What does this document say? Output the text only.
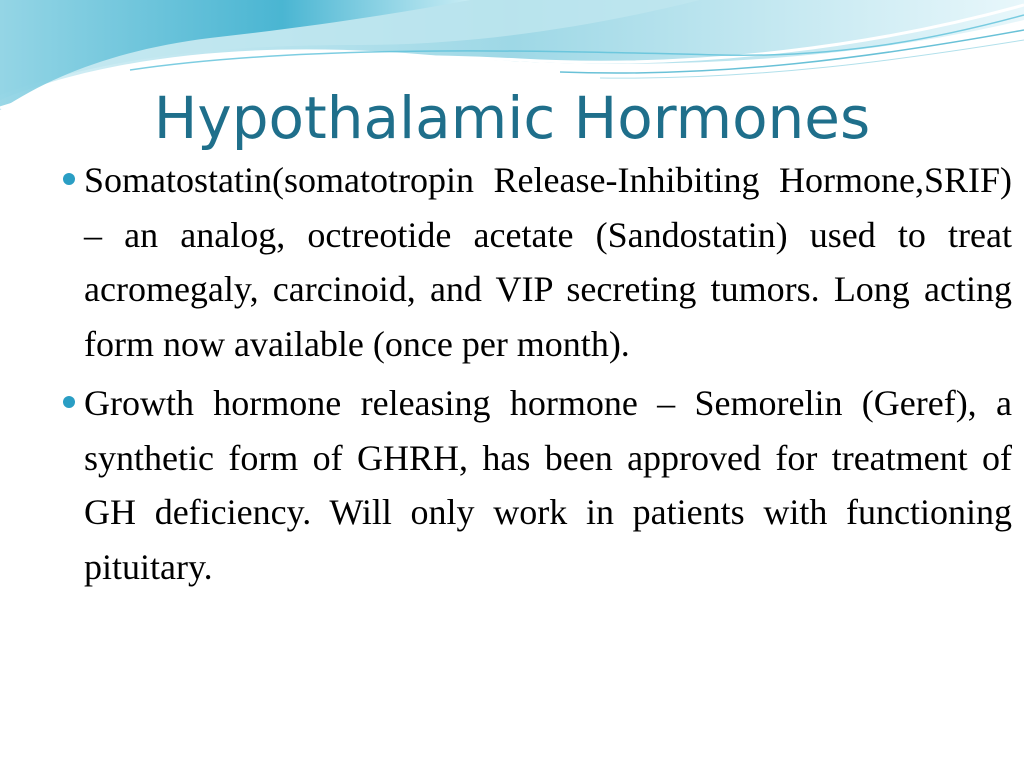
Hypothalamic Hormones
Somatostatin(somatotropin Release-Inhibiting Hormone,SRIF) – an analog, octreotide acetate (Sandostatin) used to treat acromegaly, carcinoid, and VIP secreting tumors. Long acting form now available (once per month).
Growth hormone releasing hormone – Semorelin (Geref), a synthetic form of GHRH, has been approved for treatment of GH deficiency. Will only work in patients with functioning pituitary.
